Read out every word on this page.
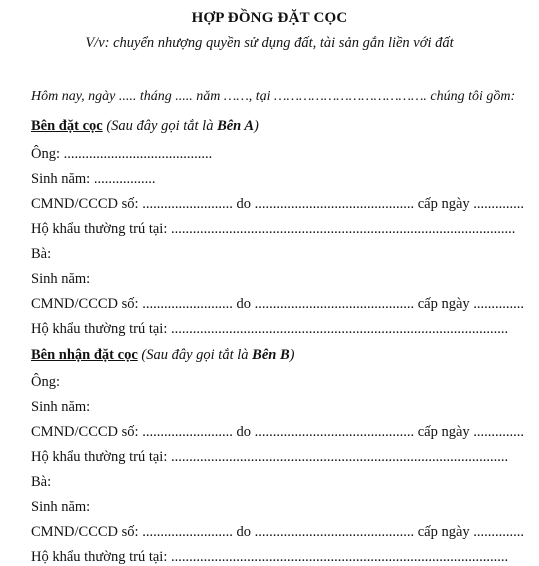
HỢP ĐỒNG ĐẶT CỌC
V/v: chuyển nhượng quyền sử dụng đất, tài sản gắn liền với đất
Hôm nay, ngày ..... tháng ..... năm ……, tại ………………………………. chúng tôi gồm:
Bên đặt cọc (Sau đây gọi tắt là Bên A)
Ông: .........................................
Sinh năm: .................
CMND/CCCD số: ......................... do ............................................ cấp ngày ..............
Hộ khẩu thường trú tại: ...............................................................................................
Bà:
Sinh năm:
CMND/CCCD số: ......................... do ............................................ cấp ngày ..............
Hộ khẩu thường trú tại: .............................................................................................
Bên nhận đặt cọc (Sau đây gọi tắt là Bên B)
Ông:
Sinh năm:
CMND/CCCD số: ......................... do ............................................ cấp ngày ..............
Hộ khẩu thường trú tại: .............................................................................................
Bà:
Sinh năm:
CMND/CCCD số: ......................... do ............................................ cấp ngày ..............
Hộ khẩu thường trú tại: .............................................................................................
